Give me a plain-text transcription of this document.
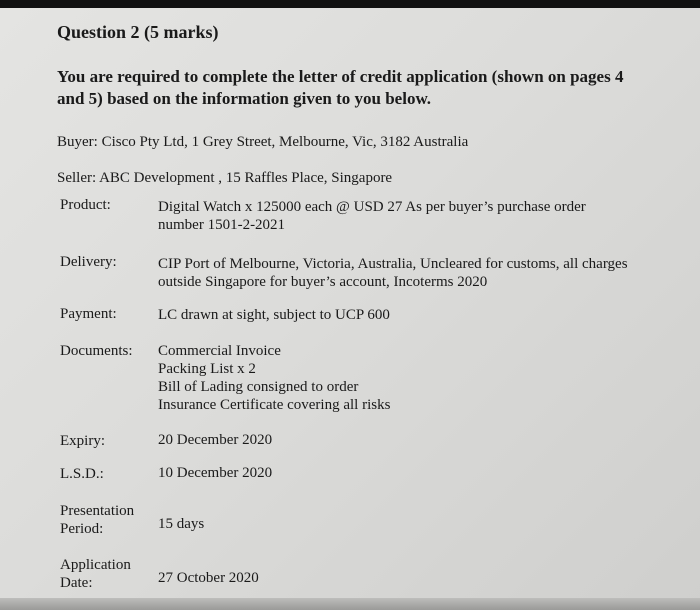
Question 2 (5 marks)

You are required to complete the letter of credit application (shown on pages 4 and 5) based on the information given to you below.

Buyer: Cisco Pty Ltd, 1 Grey Street, Melbourne, Vic, 3182 Australia

Seller: ABC Development , 15 Raffles Place, Singapore

Product:	Digital Watch x 125000 each @ USD 27 As per buyer’s purchase order number 1501-2-2021

Delivery:	CIP Port of Melbourne, Victoria, Australia, Uncleared for customs, all charges outside Singapore for buyer’s account, Incoterms 2020

Payment:	LC drawn at sight, subject to UCP 600

Documents: Commercial Invoice
Packing List x 2
Bill of Lading consigned to order
Insurance Certificate covering all risks

Expiry:	20 December 2020

L.S.D.:	10 December 2020

Presentation
Period:	15 days

Application
Date:	27 October 2020
